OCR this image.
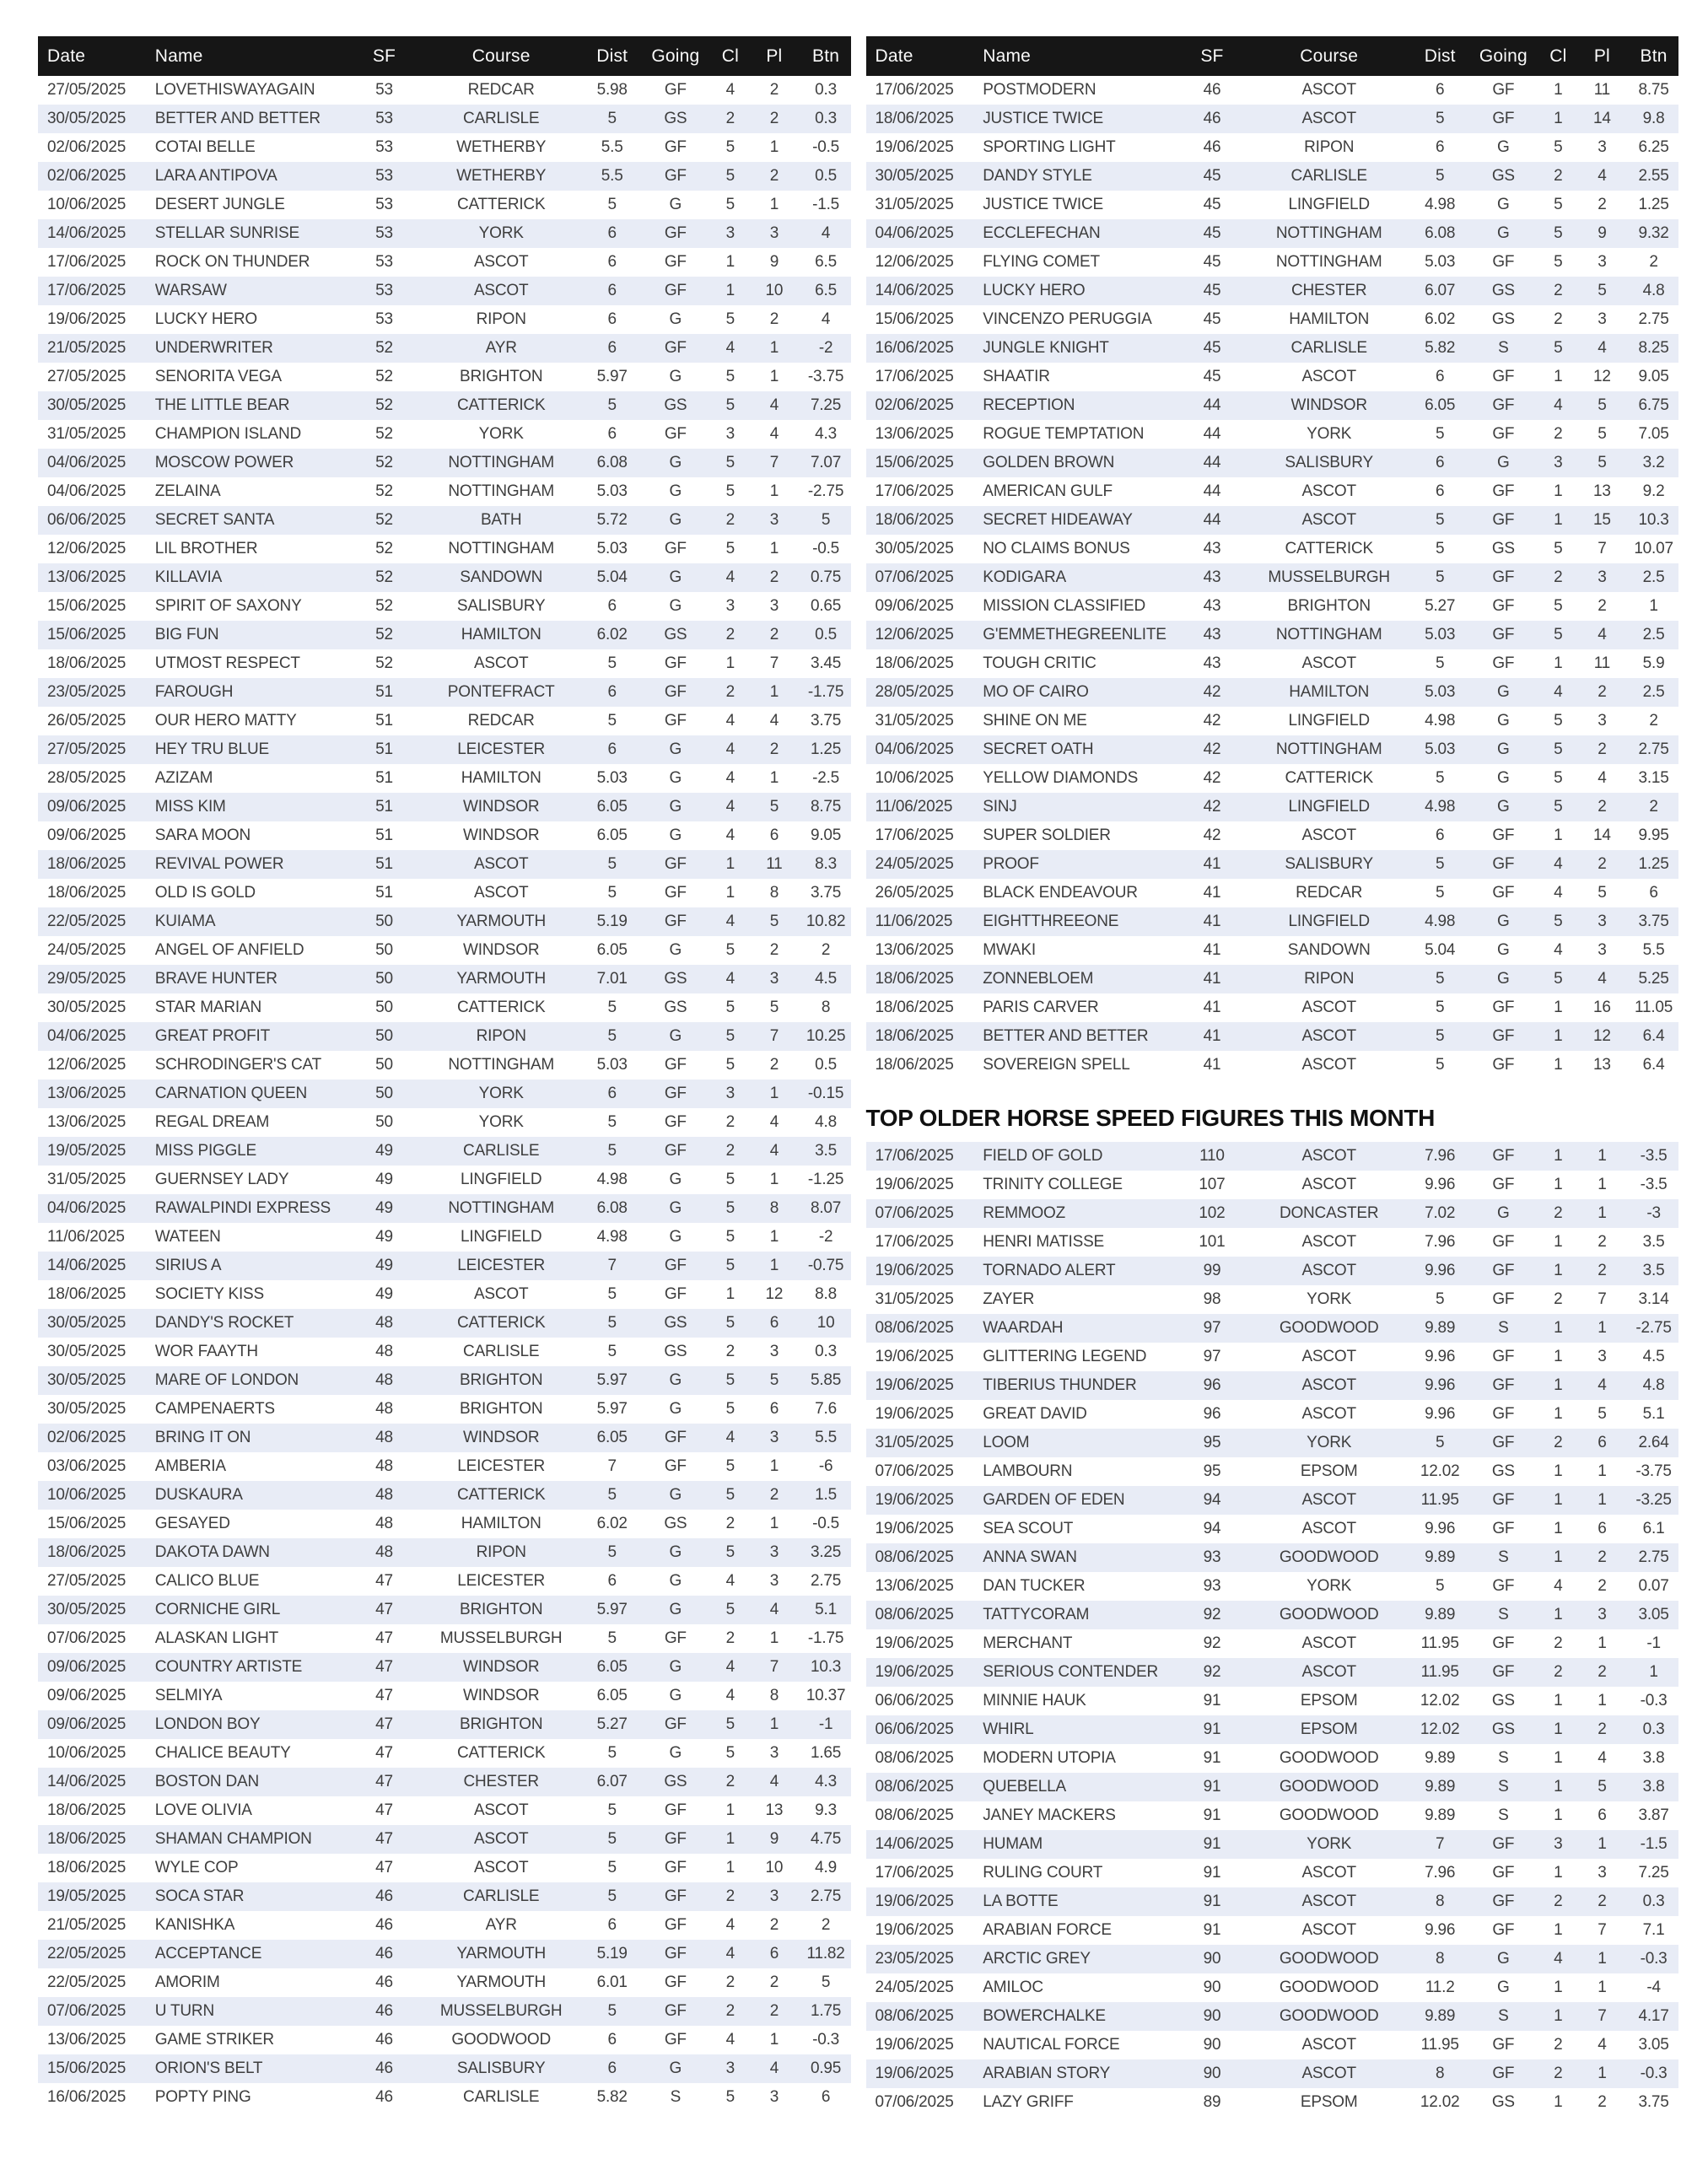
Date	Name	SF	Course	Dist	Going	Cl	Pl	Btn
27/05/2025	LOVETHISWAYAGAIN	53	REDCAR	5.98	GF	4	2	0.3
30/05/2025	BETTER AND BETTER	53	CARLISLE	5	GS	2	2	0.3
02/06/2025	COTAI BELLE	53	WETHERBY	5.5	GF	5	1	-0.5
02/06/2025	LARA ANTIPOVA	53	WETHERBY	5.5	GF	5	2	0.5
10/06/2025	DESERT JUNGLE	53	CATTERICK	5	G	5	1	-1.5
14/06/2025	STELLAR SUNRISE	53	YORK	6	GF	3	3	4
17/06/2025	ROCK ON THUNDER	53	ASCOT	6	GF	1	9	6.5
17/06/2025	WARSAW	53	ASCOT	6	GF	1	10	6.5
19/06/2025	LUCKY HERO	53	RIPON	6	G	5	2	4
21/05/2025	UNDERWRITER	52	AYR	6	GF	4	1	-2
27/05/2025	SENORITA VEGA	52	BRIGHTON	5.97	G	5	1	-3.75
30/05/2025	THE LITTLE BEAR	52	CATTERICK	5	GS	5	4	7.25
31/05/2025	CHAMPION ISLAND	52	YORK	6	GF	3	4	4.3
04/06/2025	MOSCOW POWER	52	NOTTINGHAM	6.08	G	5	7	7.07
04/06/2025	ZELAINA	52	NOTTINGHAM	5.03	G	5	1	-2.75
06/06/2025	SECRET SANTA	52	BATH	5.72	G	2	3	5
12/06/2025	LIL BROTHER	52	NOTTINGHAM	5.03	GF	5	1	-0.5
13/06/2025	KILLAVIA	52	SANDOWN	5.04	G	4	2	0.75
15/06/2025	SPIRIT OF SAXONY	52	SALISBURY	6	G	3	3	0.65
15/06/2025	BIG FUN	52	HAMILTON	6.02	GS	2	2	0.5
18/06/2025	UTMOST RESPECT	52	ASCOT	5	GF	1	7	3.45
23/05/2025	FAROUGH	51	PONTEFRACT	6	GF	2	1	-1.75
26/05/2025	OUR HERO MATTY	51	REDCAR	5	GF	4	4	3.75
27/05/2025	HEY TRU BLUE	51	LEICESTER	6	G	4	2	1.25
28/05/2025	AZIZAM	51	HAMILTON	5.03	G	4	1	-2.5
09/06/2025	MISS KIM	51	WINDSOR	6.05	G	4	5	8.75
09/06/2025	SARA MOON	51	WINDSOR	6.05	G	4	6	9.05
18/06/2025	REVIVAL POWER	51	ASCOT	5	GF	1	11	8.3
18/06/2025	OLD IS GOLD	51	ASCOT	5	GF	1	8	3.75
22/05/2025	KUIAMA	50	YARMOUTH	5.19	GF	4	5	10.82
24/05/2025	ANGEL OF ANFIELD	50	WINDSOR	6.05	G	5	2	2
29/05/2025	BRAVE HUNTER	50	YARMOUTH	7.01	GS	4	3	4.5
30/05/2025	STAR MARIAN	50	CATTERICK	5	GS	5	5	8
04/06/2025	GREAT PROFIT	50	RIPON	5	G	5	7	10.25
12/06/2025	SCHRODINGER'S CAT	50	NOTTINGHAM	5.03	GF	5	2	0.5
13/06/2025	CARNATION QUEEN	50	YORK	6	GF	3	1	-0.15
13/06/2025	REGAL DREAM	50	YORK	5	GF	2	4	4.8
19/05/2025	MISS PIGGLE	49	CARLISLE	5	GF	2	4	3.5
31/05/2025	GUERNSEY LADY	49	LINGFIELD	4.98	G	5	1	-1.25
04/06/2025	RAWALPINDI EXPRESS	49	NOTTINGHAM	6.08	G	5	8	8.07
11/06/2025	WATEEN	49	LINGFIELD	4.98	G	5	1	-2
14/06/2025	SIRIUS A	49	LEICESTER	7	GF	5	1	-0.75
18/06/2025	SOCIETY KISS	49	ASCOT	5	GF	1	12	8.8
30/05/2025	DANDY'S ROCKET	48	CATTERICK	5	GS	5	6	10
30/05/2025	WOR FAAYTH	48	CARLISLE	5	GS	2	3	0.3
30/05/2025	MARE OF LONDON	48	BRIGHTON	5.97	G	5	5	5.85
30/05/2025	CAMPENAERTS	48	BRIGHTON	5.97	G	5	6	7.6
02/06/2025	BRING IT ON	48	WINDSOR	6.05	GF	4	3	5.5
03/06/2025	AMBERIA	48	LEICESTER	7	GF	5	1	-6
10/06/2025	DUSKAURA	48	CATTERICK	5	G	5	2	1.5
15/06/2025	GESAYED	48	HAMILTON	6.02	GS	2	1	-0.5
18/06/2025	DAKOTA DAWN	48	RIPON	5	G	5	3	3.25
27/05/2025	CALICO BLUE	47	LEICESTER	6	G	4	3	2.75
30/05/2025	CORNICHE GIRL	47	BRIGHTON	5.97	G	5	4	5.1
07/06/2025	ALASKAN LIGHT	47	MUSSELBURGH	5	GF	2	1	-1.75
09/06/2025	COUNTRY ARTISTE	47	WINDSOR	6.05	G	4	7	10.3
09/06/2025	SELMIYA	47	WINDSOR	6.05	G	4	8	10.37
09/06/2025	LONDON BOY	47	BRIGHTON	5.27	GF	5	1	-1
10/06/2025	CHALICE BEAUTY	47	CATTERICK	5	G	5	3	1.65
14/06/2025	BOSTON DAN	47	CHESTER	6.07	GS	2	4	4.3
18/06/2025	LOVE OLIVIA	47	ASCOT	5	GF	1	13	9.3
18/06/2025	SHAMAN CHAMPION	47	ASCOT	5	GF	1	9	4.75
18/06/2025	WYLE COP	47	ASCOT	5	GF	1	10	4.9
19/05/2025	SOCA STAR	46	CARLISLE	5	GF	2	3	2.75
21/05/2025	KANISHKA	46	AYR	6	GF	4	2	2
22/05/2025	ACCEPTANCE	46	YARMOUTH	5.19	GF	4	6	11.82
22/05/2025	AMORIM	46	YARMOUTH	6.01	GF	2	2	5
07/06/2025	U TURN	46	MUSSELBURGH	5	GF	2	2	1.75
13/06/2025	GAME STRIKER	46	GOODWOOD	6	GF	4	1	-0.3
15/06/2025	ORION'S BELT	46	SALISBURY	6	G	3	4	0.95
16/06/2025	POPTY PING	46	CARLISLE	5.82	S	5	3	6
Date	Name	SF	Course	Dist	Going	Cl	Pl	Btn
17/06/2025	POSTMODERN	46	ASCOT	6	GF	1	11	8.75
18/06/2025	JUSTICE TWICE	46	ASCOT	5	GF	1	14	9.8
19/06/2025	SPORTING LIGHT	46	RIPON	6	G	5	3	6.25
30/05/2025	DANDY STYLE	45	CARLISLE	5	GS	2	4	2.55
31/05/2025	JUSTICE TWICE	45	LINGFIELD	4.98	G	5	2	1.25
04/06/2025	ECCLEFECHAN	45	NOTTINGHAM	6.08	G	5	9	9.32
12/06/2025	FLYING COMET	45	NOTTINGHAM	5.03	GF	5	3	2
14/06/2025	LUCKY HERO	45	CHESTER	6.07	GS	2	5	4.8
15/06/2025	VINCENZO PERUGGIA	45	HAMILTON	6.02	GS	2	3	2.75
16/06/2025	JUNGLE KNIGHT	45	CARLISLE	5.82	S	5	4	8.25
17/06/2025	SHAATIR	45	ASCOT	6	GF	1	12	9.05
02/06/2025	RECEPTION	44	WINDSOR	6.05	GF	4	5	6.75
13/06/2025	ROGUE TEMPTATION	44	YORK	5	GF	2	5	7.05
15/06/2025	GOLDEN BROWN	44	SALISBURY	6	G	3	5	3.2
17/06/2025	AMERICAN GULF	44	ASCOT	6	GF	1	13	9.2
18/06/2025	SECRET HIDEAWAY	44	ASCOT	5	GF	1	15	10.3
30/05/2025	NO CLAIMS BONUS	43	CATTERICK	5	GS	5	7	10.07
07/06/2025	KODIGARA	43	MUSSELBURGH	5	GF	2	3	2.5
09/06/2025	MISSION CLASSIFIED	43	BRIGHTON	5.27	GF	5	2	1
12/06/2025	G'EMMETHEGREENLITE	43	NOTTINGHAM	5.03	GF	5	4	2.5
18/06/2025	TOUGH CRITIC	43	ASCOT	5	GF	1	11	5.9
28/05/2025	MO OF CAIRO	42	HAMILTON	5.03	G	4	2	2.5
31/05/2025	SHINE ON ME	42	LINGFIELD	4.98	G	5	3	2
04/06/2025	SECRET OATH	42	NOTTINGHAM	5.03	G	5	2	2.75
10/06/2025	YELLOW DIAMONDS	42	CATTERICK	5	G	5	4	3.15
11/06/2025	SINJ	42	LINGFIELD	4.98	G	5	2	2
17/06/2025	SUPER SOLDIER	42	ASCOT	6	GF	1	14	9.95
24/05/2025	PROOF	41	SALISBURY	5	GF	4	2	1.25
26/05/2025	BLACK ENDEAVOUR	41	REDCAR	5	GF	4	5	6
11/06/2025	EIGHTTHREEONE	41	LINGFIELD	4.98	G	5	3	3.75
13/06/2025	MWAKI	41	SANDOWN	5.04	G	4	3	5.5
18/06/2025	ZONNEBLOEM	41	RIPON	5	G	5	4	5.25
18/06/2025	PARIS CARVER	41	ASCOT	5	GF	1	16	11.05
18/06/2025	BETTER AND BETTER	41	ASCOT	5	GF	1	12	6.4
18/06/2025	SOVEREIGN SPELL	41	ASCOT	5	GF	1	13	6.4
TOP OLDER HORSE SPEED FIGURES THIS MONTH
17/06/2025	FIELD OF GOLD	110	ASCOT	7.96	GF	1	1	-3.5
19/06/2025	TRINITY COLLEGE	107	ASCOT	9.96	GF	1	1	-3.5
07/06/2025	REMMOOZ	102	DONCASTER	7.02	G	2	1	-3
17/06/2025	HENRI MATISSE	101	ASCOT	7.96	GF	1	2	3.5
19/06/2025	TORNADO ALERT	99	ASCOT	9.96	GF	1	2	3.5
31/05/2025	ZAYER	98	YORK	5	GF	2	7	3.14
08/06/2025	WAARDAH	97	GOODWOOD	9.89	S	1	1	-2.75
19/06/2025	GLITTERING LEGEND	97	ASCOT	9.96	GF	1	3	4.5
19/06/2025	TIBERIUS THUNDER	96	ASCOT	9.96	GF	1	4	4.8
19/06/2025	GREAT DAVID	96	ASCOT	9.96	GF	1	5	5.1
31/05/2025	LOOM	95	YORK	5	GF	2	6	2.64
07/06/2025	LAMBOURN	95	EPSOM	12.02	GS	1	1	-3.75
19/06/2025	GARDEN OF EDEN	94	ASCOT	11.95	GF	1	1	-3.25
19/06/2025	SEA SCOUT	94	ASCOT	9.96	GF	1	6	6.1
08/06/2025	ANNA SWAN	93	GOODWOOD	9.89	S	1	2	2.75
13/06/2025	DAN TUCKER	93	YORK	5	GF	4	2	0.07
08/06/2025	TATTYCORAM	92	GOODWOOD	9.89	S	1	3	3.05
19/06/2025	MERCHANT	92	ASCOT	11.95	GF	2	1	-1
19/06/2025	SERIOUS CONTENDER	92	ASCOT	11.95	GF	2	2	1
06/06/2025	MINNIE HAUK	91	EPSOM	12.02	GS	1	1	-0.3
06/06/2025	WHIRL	91	EPSOM	12.02	GS	1	2	0.3
08/06/2025	MODERN UTOPIA	91	GOODWOOD	9.89	S	1	4	3.8
08/06/2025	QUEBELLA	91	GOODWOOD	9.89	S	1	5	3.8
08/06/2025	JANEY MACKERS	91	GOODWOOD	9.89	S	1	6	3.87
14/06/2025	HUMAM	91	YORK	7	GF	3	1	-1.5
17/06/2025	RULING COURT	91	ASCOT	7.96	GF	1	3	7.25
19/06/2025	LA BOTTE	91	ASCOT	8	GF	2	2	0.3
19/06/2025	ARABIAN FORCE	91	ASCOT	9.96	GF	1	7	7.1
23/05/2025	ARCTIC GREY	90	GOODWOOD	8	G	4	1	-0.3
24/05/2025	AMILOC	90	GOODWOOD	11.2	G	1	1	-4
08/06/2025	BOWERCHALKE	90	GOODWOOD	9.89	S	1	7	4.17
19/06/2025	NAUTICAL FORCE	90	ASCOT	11.95	GF	2	4	3.05
19/06/2025	ARABIAN STORY	90	ASCOT	8	GF	2	1	-0.3
07/06/2025	LAZY GRIFF	89	EPSOM	12.02	GS	1	2	3.75
